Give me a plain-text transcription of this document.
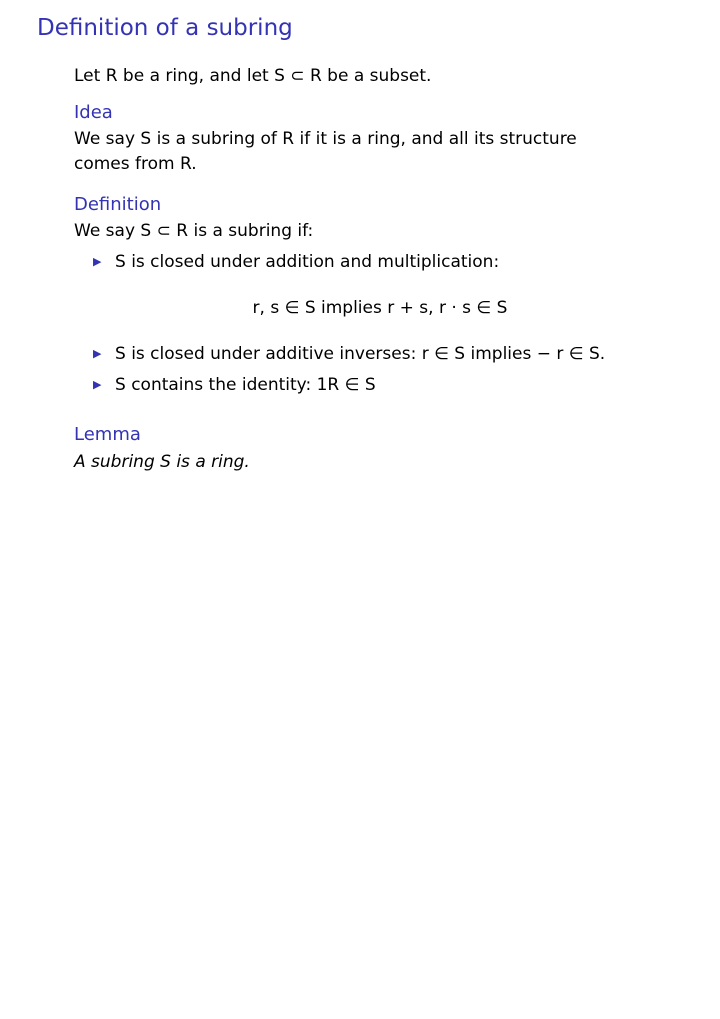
Definition of a subring
Let R be a ring, and let S ⊂ R be a subset.
Idea
We say S is a subring of R if it is a ring, and all its structure
comes from R.
Definition
We say S ⊂ R is a subring if:
▶ S is closed under addition and multiplication:
r, s ∈ S implies r + s, r · s ∈ S
▶ S is closed under additive inverses: r ∈ S implies − r ∈ S.
▶ S contains the identity: 1R ∈ S
Lemma
A subring S is a ring.
